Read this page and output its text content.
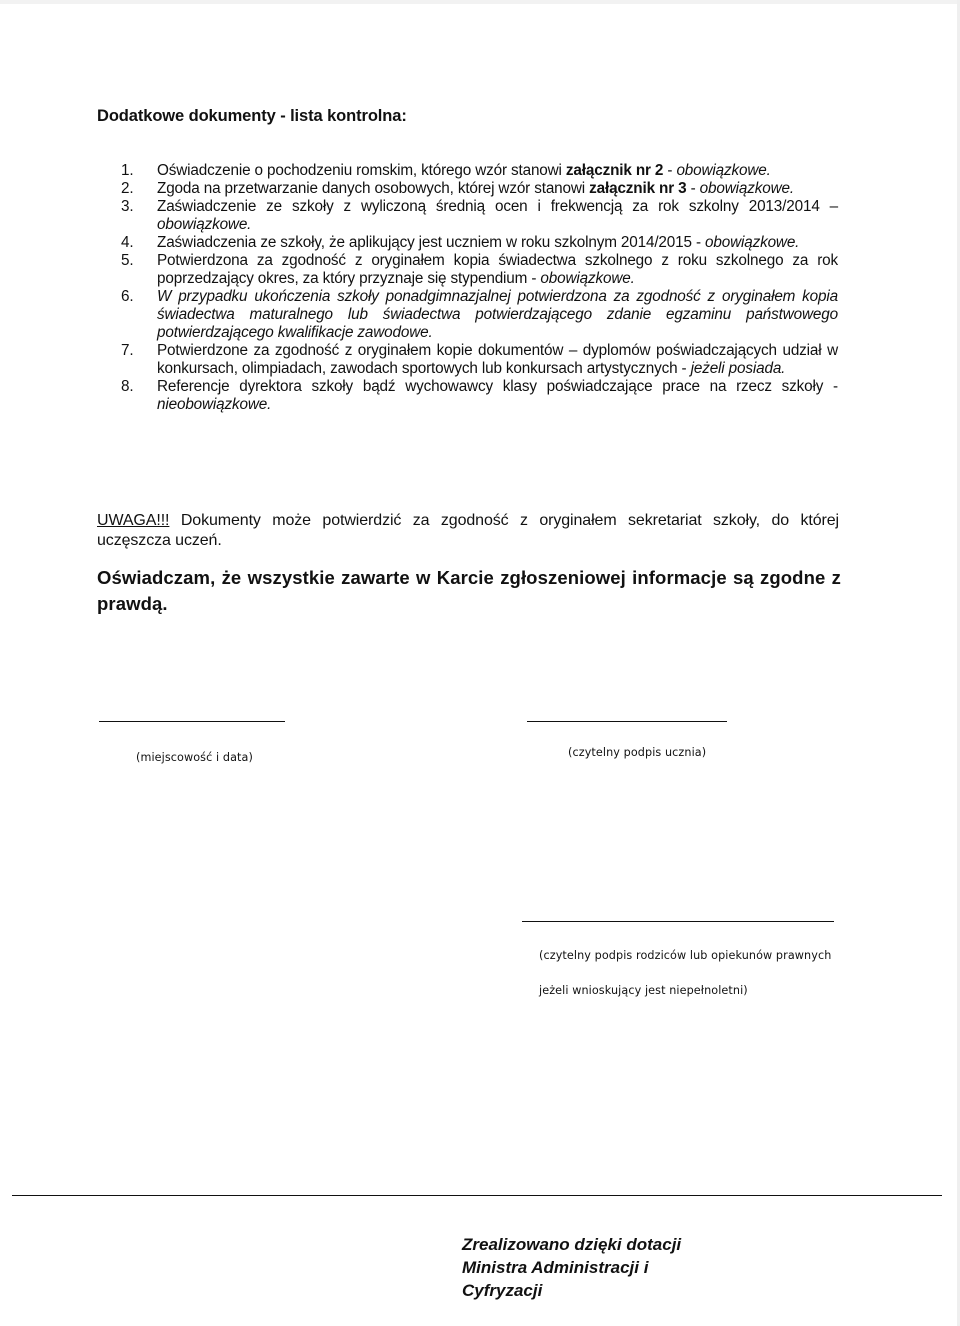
Dodatkowe dokumenty - lista kontrolna:
1.	Oświadczenie o pochodzeniu romskim, którego wzór stanowi załącznik nr 2 - obowiązkowe.
2.	Zgoda na przetwarzanie danych osobowych, której wzór stanowi załącznik nr 3 - obowiązkowe.
3.	Zaświadczenie ze szkoły z wyliczoną średnią ocen i frekwencją za rok szkolny 2013/2014 – obowiązkowe.
4.	Zaświadczenia ze szkoły, że aplikujący jest uczniem w roku szkolnym 2014/2015 - obowiązkowe.
5.	Potwierdzona za zgodność z oryginałem kopia świadectwa szkolnego z roku szkolnego za rok poprzedzający okres, za który przyznaje się stypendium - obowiązkowe.
6.	W przypadku ukończenia szkoły ponadgimnazjalnej potwierdzona za zgodność z oryginałem kopia świadectwa maturalnego lub świadectwa potwierdzającego zdanie egzaminu państwowego potwierdzającego kwalifikacje zawodowe.
7.	Potwierdzone za zgodność z oryginałem kopie dokumentów – dyplomów poświadczających udział w konkursach, olimpiadach, zawodach sportowych lub konkursach artystycznych - jeżeli posiada.
8.	Referencje dyrektora szkoły bądź wychowawcy klasy poświadczające prace na rzecz szkoły - nieobowiązkowe.
UWAGA!!! Dokumenty może potwierdzić za zgodność z oryginałem sekretariat szkoły, do której uczęszcza uczeń.
Oświadczam, że wszystkie zawarte w Karcie zgłoszeniowej informacje są zgodne z prawdą.
(miejscowość i data)	(czytelny podpis ucznia)
(czytelny podpis rodziców lub opiekunów prawnych
jeżeli wnioskujący jest niepełnoletni)
Zrealizowano dzięki dotacji
Ministra Administracji i Cyfryzacji
